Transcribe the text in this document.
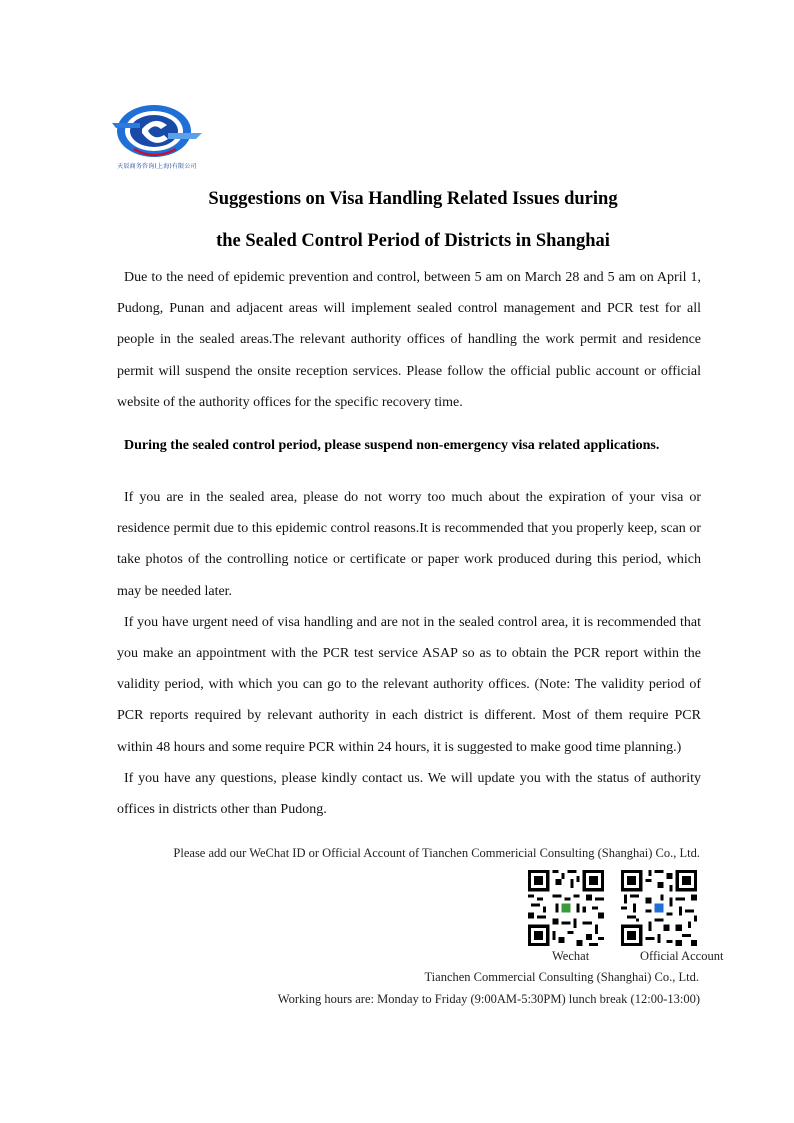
天辰商务咨询(上海)有限公司
Suggestions on Visa Handling Related Issues during
the Sealed Control Period of Districts in Shanghai

Due to the need of epidemic prevention and control, between 5 am on March 28 and 5 am on April 1, Pudong, Punan and adjacent areas will implement sealed control management and PCR test for all people in the sealed areas.The relevant authority offices of handling the work permit and residence permit will suspend the onsite reception services. Please follow the official public account or official website of the authority offices for the specific recovery time.

During the sealed control period, please suspend non-emergency visa related applications.

If you are in the sealed area, please do not worry too much about the expiration of your visa or residence permit due to this epidemic control reasons.It is recommended that you properly keep, scan or take photos of the controlling notice or certificate or paper work produced during this period, which may be needed later.

If you have urgent need of visa handling and are not in the sealed control area, it is recommended that you make an appointment with the PCR test service ASAP so as to obtain the PCR report within the validity period, with which you can go to the relevant authority offices. (Note: The validity period of PCR reports required by relevant authority in each district is different. Most of them require PCR within 48 hours and some require PCR within 24 hours, it is suggested to make good time planning.)

If you have any questions, please kindly contact us. We will update you with the status of authority offices in districts other than Pudong.

Please add our WeChat ID or Official Account of Tianchen Commericial Consulting (Shanghai) Co., Ltd.
Wechat	Official Account
Tianchen Commercial Consulting (Shanghai) Co., Ltd.
Working hours are: Monday to Friday (9:00AM-5:30PM) lunch break (12:00-13:00)
